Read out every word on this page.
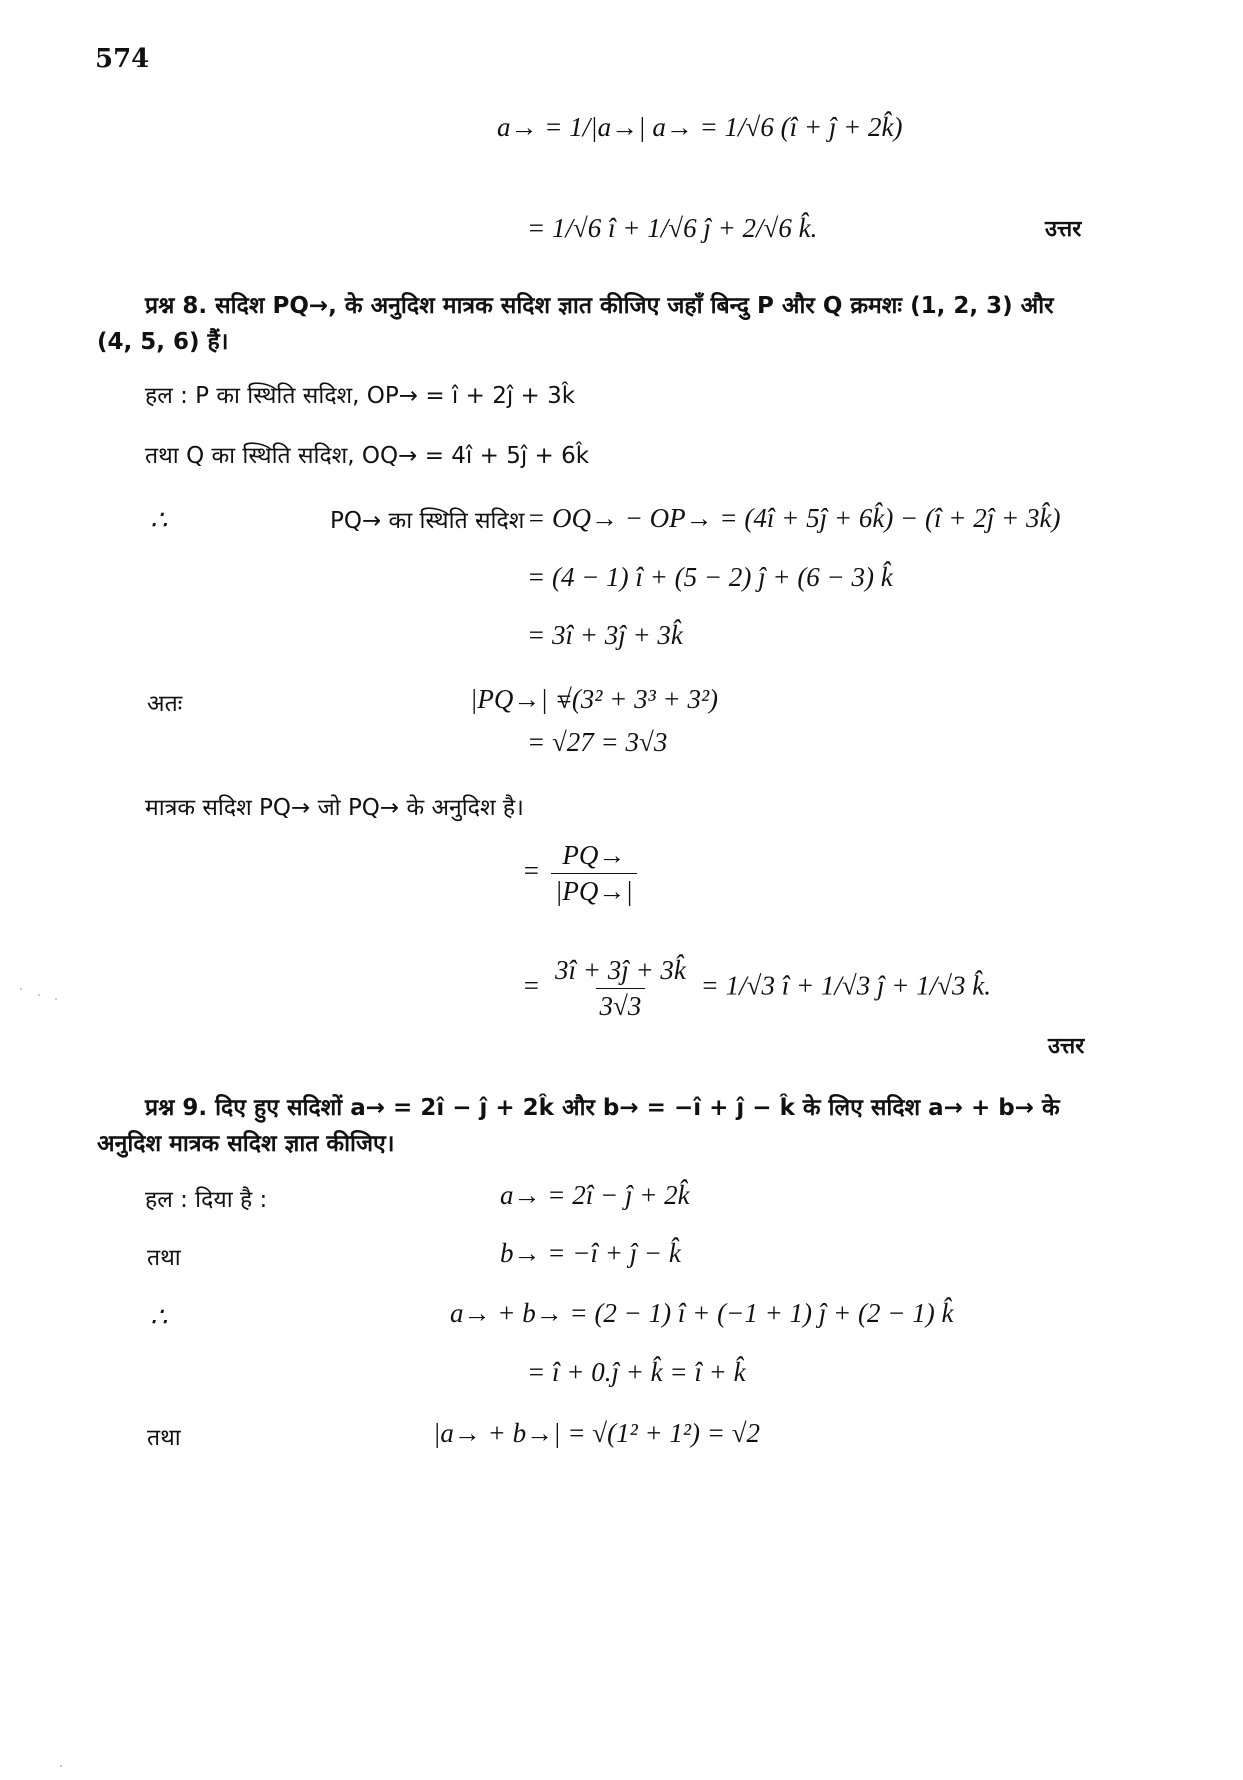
574
a→ = 1/|a→| a→ = 1/√6 (î + ĵ + 2k̂)
= 1/√6 î + 1/√6 ĵ + 2/√6 k̂.	उत्तर
प्रश्न 8. सदिश PQ→, के अनुदिश मात्रक सदिश ज्ञात कीजिए जहाँ बिन्दु P और Q क्रमशः (1, 2, 3) और
(4, 5, 6) हैं।
हल : P का स्थिति सदिश, OP→ = î + 2ĵ + 3k̂
तथा Q का स्थिति सदिश, OQ→ = 4î + 5ĵ + 6k̂
∴	PQ→ का स्थिति सदिश = OQ→ − OP→ = (4î + 5ĵ + 6k̂) − (î + 2ĵ + 3k̂)
= (4 − 1) î + (5 − 2) ĵ + (6 − 3) k̂
= 3î + 3ĵ + 3k̂
अतः	|PQ→| =
√(3² + 3³ + 3²)
= √27 = 3√3
मात्रक सदिश PQ→ जो PQ→ के अनुदिश है।
= $\frac{PQ\to}{|PQ\to|}$
= $\frac{3î + 3ĵ + 3k̂}{3√3} = 1/√3$ î + 1/√3 ĵ + 1/√3 k̂.
उत्तर
प्रश्न 9. दिए हुए सदिशों a→ = 2î − ĵ + 2k̂ और b→ = −î + ĵ − k̂ के लिए सदिश a→ + b→ के
अनुदिश मात्रक सदिश ज्ञात कीजिए।
हल : दिया है :	a→ = 2î − ĵ + 2k̂
तथा	b→ = −î + ĵ − k̂
∴	a→ + b→ = (2 − 1) î + (−1 + 1) ĵ + (2 − 1) k̂
= î + 0.ĵ + k̂ = î + k̂
तथा	|a→ + b→| = √(1² + 1²) = √2
